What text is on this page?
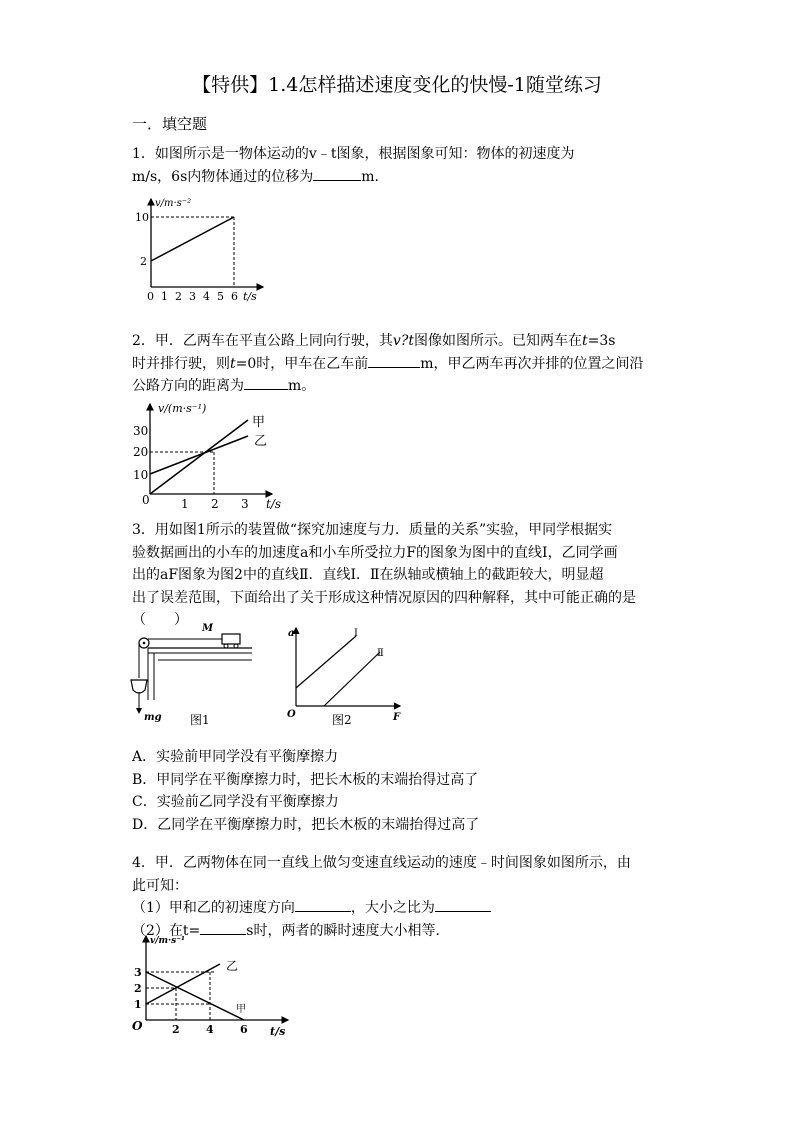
【特供】1.4怎样描述速度变化的快慢-1随堂练习
一．填空题
1．如图所示是一物体运动的v﹣t图象，根据图象可知：物体的初速度为
m/s，6s内物体通过的位移为	m．
v/m·s⁻²
10
2
0 1 2 3 4 5 6 t/s
2．甲．乙两车在平直公路上同向行驶，其v?t图像如图所示。已知两车在t=3s
时并排行驶，则t=0时，甲车在乙车前	m，甲乙两车再次并排的位置之间沿
公路方向的距离为	m。
v/(m·s⁻¹)
30
20
10
0	1 2 3 t/s
甲
乙
3．用如图1所示的装置做“探究加速度与力．质量的关系”实验，甲同学根据实
验数据画出的小车的加速度a和小车所受拉力F的图象为图中的直线Ⅰ，乙同学画
出的aF图象为图2中的直线Ⅱ．直线Ⅰ．Ⅱ在纵轴或横轴上的截距较大，明显超
出了误差范围，下面给出了关于形成这种情况原因的四种解释，其中可能正确的是
（　　）
M
mg 图1
a
O	F
Ⅰ
Ⅱ
图2
A．实验前甲同学没有平衡摩擦力
B．甲同学在平衡摩擦力时，把长木板的末端抬得过高了
C．实验前乙同学没有平衡摩擦力
D．乙同学在平衡摩擦力时，把长木板的末端抬得过高了
4．甲．乙两物体在同一直线上做匀变速直线运动的速度﹣时间图象如图所示，由
此可知：
（1）甲和乙的初速度方向	，大小之比为
（2）在t=	s时，两者的瞬时速度大小相等．
v/m·s⁻¹
3
2
1
O	2 4 6 t/s
乙
甲
